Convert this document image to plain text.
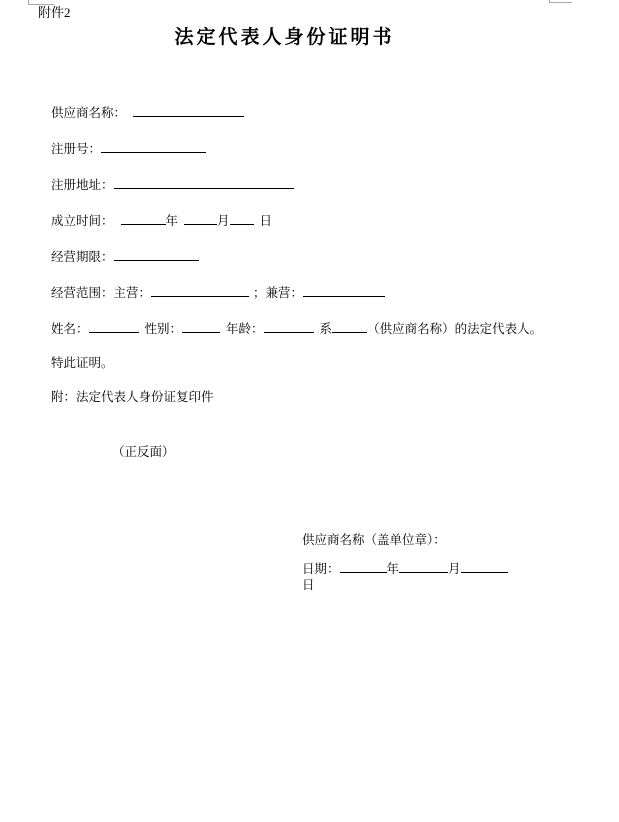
附件2
法定代表人身份证明书
供应商名称：
注册号：
注册地址：
成立时间：	年	月 日
经营期限：
经营范围：主营：	；兼营：
姓名：	性别：	年龄：	系	（供应商名称）的法定代表人。
特此证明。
附：法定代表人身份证复印件
（正反面）
供应商名称（盖单位章）：
日期：	年	月日
